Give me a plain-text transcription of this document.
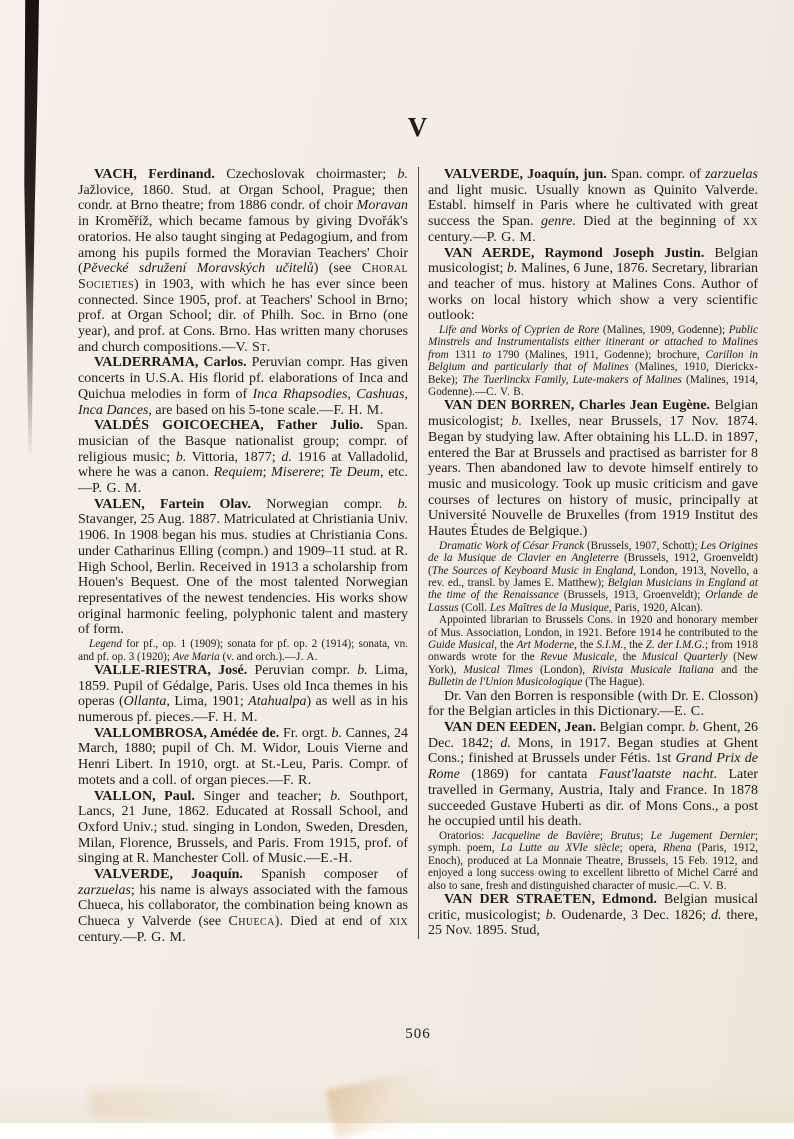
V

VACH, Ferdinand. Czechoslovak choirmaster; b. Jažlovice, 1860. Stud. at Organ School, Prague; then condr. at Brno theatre; from 1886 condr. of choir Moravan in Kroměříž, which became famous by giving Dvořák's oratorios. He also taught singing at Pedagogium, and from among his pupils formed the Moravian Teachers' Choir (Pěvecké sdružení Moravských učitelů) (see Choral Societies) in 1903, with which he has ever since been connected. Since 1905, prof. at Teachers' School in Brno; prof. at Organ School; dir. of Philh. Soc. in Brno (one year), and prof. at Cons. Brno. Has written many choruses and church compositions.—V. St.

VALDERRAMA, Carlos. Peruvian compr. Has given concerts in U.S.A. His florid pf. elaborations of Inca and Quichua melodies in form of Inca Rhapsodies, Cashuas, Inca Dances, are based on his 5-tone scale.—F. H. M.

VALDÉS GOICOECHEA, Father Julio. Span. musician of the Basque nationalist group; compr. of religious music; b. Vittoria, 1877; d. 1916 at Valladolid, where he was a canon. Requiem; Miserere; Te Deum, etc.—P. G. M.

VALEN, Fartein Olav. Norwegian compr. b. Stavanger, 25 Aug. 1887. Matriculated at Christiania Univ. 1906. In 1908 began his mus. studies at Christiania Cons. under Catharinus Elling (compn.) and 1909–11 stud. at R. High School, Berlin. Received in 1913 a scholarship from Houen's Bequest. One of the most talented Norwegian representatives of the newest tendencies. His works show original harmonic feeling, polyphonic talent and mastery of form.

Legend for pf., op. 1 (1909); sonata for pf. op. 2 (1914); sonata, vn. and pf. op. 3 (1920); Ave Maria (v. and orch.).—J. A.

VALLE-RIESTRA, José. Peruvian compr. b. Lima, 1859. Pupil of Gédalge, Paris. Uses old Inca themes in his operas (Ollanta, Lima, 1901; Atahualpa) as well as in his numerous pf. pieces.—F. H. M.

VALLOMBROSA, Amédée de. Fr. orgt. b. Cannes, 24 March, 1880; pupil of Ch. M. Widor, Louis Vierne and Henri Libert. In 1910, orgt. at St.-Leu, Paris. Compr. of motets and a coll. of organ pieces.—F. R.

VALLON, Paul. Singer and teacher; b. Southport, Lancs, 21 June, 1862. Educated at Rossall School, and Oxford Univ.; stud. singing in London, Sweden, Dresden, Milan, Florence, Brussels, and Paris. From 1915, prof. of singing at R. Manchester Coll. of Music.—E.-H.

VALVERDE, Joaquín. Spanish composer of zarzuelas; his name is always associated with the famous Chueca, his collaborator, the combination being known as Chueca y Valverde (see Chueca). Died at end of xix century.—P. G. M.

VALVERDE, Joaquín, jun. Span. compr. of zarzuelas and light music. Usually known as Quinito Valverde. Establ. himself in Paris where he cultivated with great success the Span. genre. Died at the beginning of xx century.—P. G. M.

VAN AERDE, Raymond Joseph Justin. Belgian musicologist; b. Malines, 6 June, 1876. Secretary, librarian and teacher of mus. history at Malines Cons. Author of works on local history which show a very scientific outlook:

Life and Works of Cyprien de Rore (Malines, 1909, Godenne); Public Minstrels and Instrumentalists either itinerant or attached to Malines from 1311 to 1790 (Malines, 1911, Godenne); brochure, Carillon in Belgium and particularly that of Malines (Malines, 1910, Dierickx-Beke); The Tuerlinckx Family, Lute-makers of Malines (Malines, 1914, Godenne).—C. V. B.

VAN DEN BORREN, Charles Jean Eugène. Belgian musicologist; b. Ixelles, near Brussels, 17 Nov. 1874. Began by studying law. After obtaining his LL.D. in 1897, entered the Bar at Brussels and practised as barrister for 8 years. Then abandoned law to devote himself entirely to music and musicology. Took up music criticism and gave courses of lectures on history of music, principally at Université Nouvelle de Bruxelles (from 1919 Institut des Hautes Études de Belgique.)

Dramatic Work of César Franck (Brussels, 1907, Schott); Les Origines de la Musique de Clavier en Angleterre (Brussels, 1912, Groenveldt) (The Sources of Keyboard Music in England, London, 1913, Novello, a rev. ed., transl. by James E. Matthew); Belgian Musicians in England at the time of the Renaissance (Brussels, 1913, Groenveldt); Orlande de Lassus (Coll. Les Maîtres de la Musique, Paris, 1920, Alcan).

Appointed librarian to Brussels Cons. in 1920 and honorary member of Mus. Association, London, in 1921. Before 1914 he contributed to the Guide Musical, the Art Moderne, the S.I.M., the Z. der I.M.G.; from 1918 onwards wrote for the Revue Musicale, the Musical Quarterly (New York), Musical Times (London), Rivista Musicale Italiana and the Bulletin de l'Union Musicologique (The Hague).

Dr. Van den Borren is responsible (with Dr. E. Closson) for the Belgian articles in this Dictionary.—E. C.

VAN DEN EEDEN, Jean. Belgian compr. b. Ghent, 26 Dec. 1842; d. Mons, in 1917. Began studies at Ghent Cons.; finished at Brussels under Fétis. 1st Grand Prix de Rome (1869) for cantata Faust'laatste nacht. Later travelled in Germany, Austria, Italy and France. In 1878 succeeded Gustave Huberti as dir. of Mons Cons., a post he occupied until his death.

Oratorios: Jacqueline de Bavière; Brutus; Le Jugement Dernier; symph. poem, La Lutte au XVIe siècle; opera, Rhena (Paris, 1912, Enoch), produced at La Monnaie Theatre, Brussels, 15 Feb. 1912, and enjoyed a long success owing to excellent libretto of Michel Carré and also to sane, fresh and distinguished character of music.—C. V. B.

VAN DER STRAETEN, Edmond. Belgian musical critic, musicologist; b. Oudenarde, 3 Dec. 1826; d. there, 25 Nov. 1895. Stud,

506
